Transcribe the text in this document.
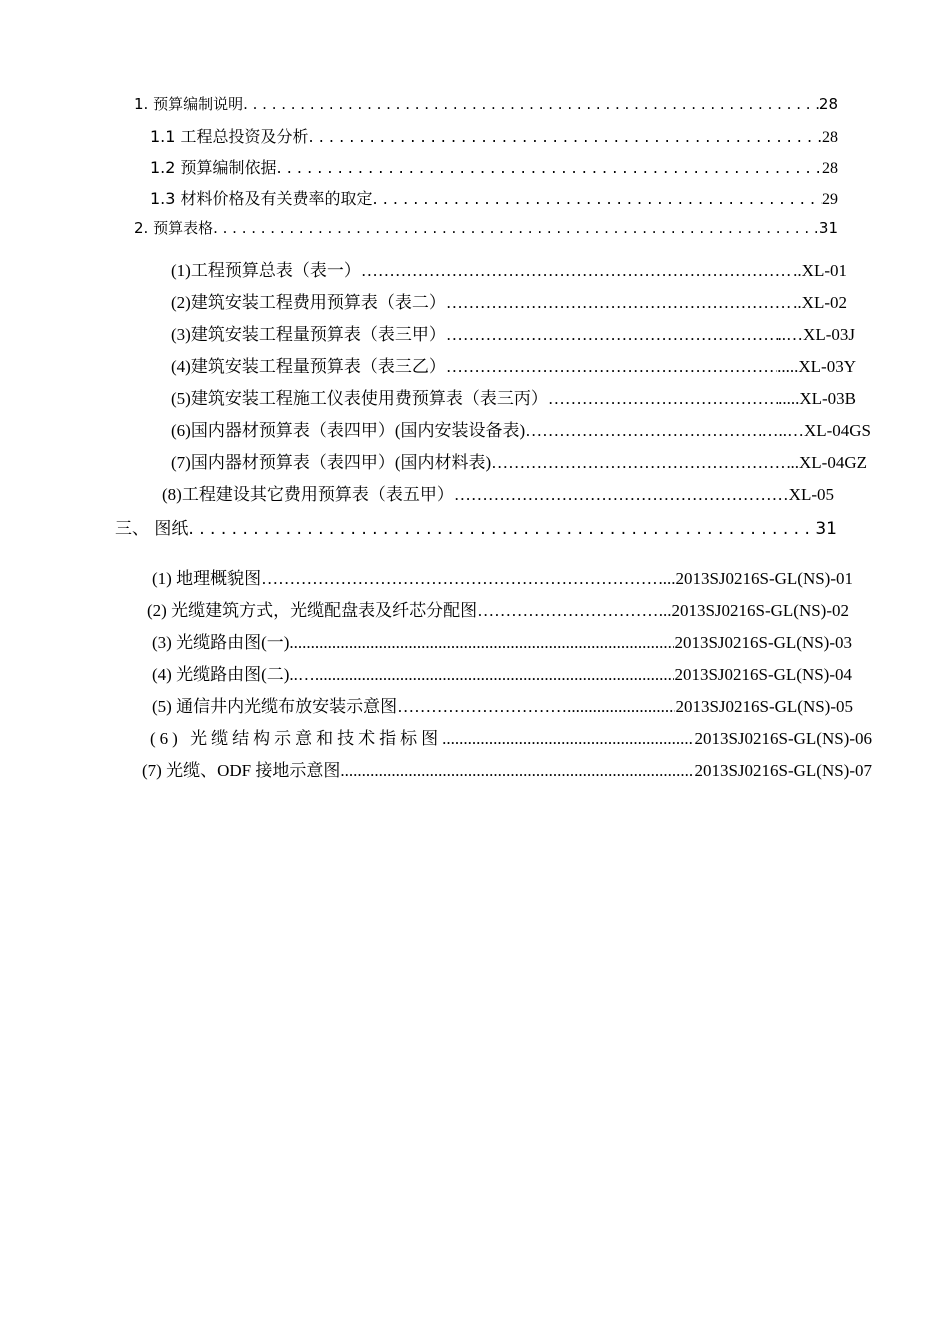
1. 预算编制说明 . . .	28
1.1 工程总投资及分析 . . .	28
1.2 预算编制依据 . . .	28
1.3 材料价格及有关费率的取定 . . .	29
2. 预算表格 . . .	31
(1)工程预算总表（表一） ……………………………………………………………………………………………………………………………………………	..XL-01
(2)建筑安装工程费用预算表（表二） ……………………………………………………………………………………………………………………………………………	..XL-02
(3)建筑安装工程量预算表（表三甲） ……………………………………………………………………………………………………………………………………………	..…XL-03J
(4)建筑安装工程量预算表（表三乙） ……………………………………………………………………………………………………………………………………………	.....XL-03Y
(5)建筑安装工程施工仪表使用费预算表（表三丙） ……………………………………………………………………………………………………………………………………………	.....XL-03B
(6)国内器材预算表（表四甲）(国内安装设备表) ……………………………………………………………………………………………………………………………………………	…..…XL-04GS
(7)国内器材预算表（表四甲）(国内材料表) ……………………………………………………………………………………………………………………………………………	..XL-04GZ
(8)工程建设其它费用预算表（表五甲） ……………………………………………………………………………………………………………………………………………	……XL-05
三、 图纸 . . .	31
(1) 地理概貌图 ……………………………………………………………………………………………………………………………………………	...2013SJ0216S-GL(NS)-01
(2) 光缆建筑方式，光缆配盘表及纤芯分配图 ……………………………………………………………………………………………………………………………………………	...2013SJ0216S-GL(NS)-02
(3) 光缆路由图(一). .....	2013SJ0216S-GL(NS)-03
(4) 光缆路由图(二)..… .....	2013SJ0216S-GL(NS)-04
(5) 通信井内光缆布放安装示意图 …………………………………………………………………………………………………………………………………………… .....	2013SJ0216S-GL(NS)-05
(6) 光缆结构示意和技术指标图 .....	2013SJ0216S-GL(NS)-06
(7) 光缆、ODF 接地示意图 .....	2013SJ0216S-GL(NS)-07
